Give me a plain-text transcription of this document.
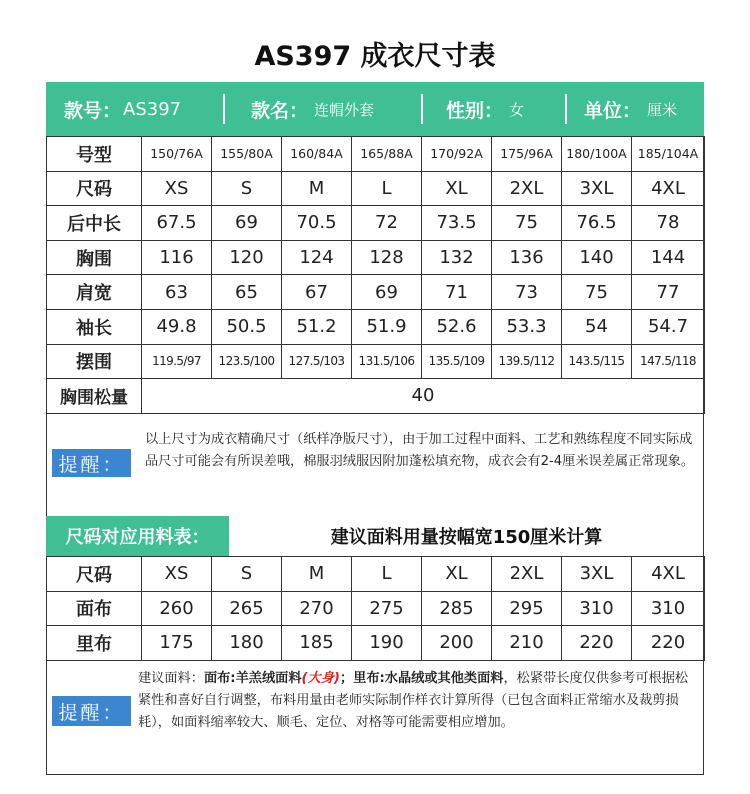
AS397 成衣尺寸表
款号： AS397	款名： 连帽外套	性别： 女	单位： 厘米
号型	150/76A	155/80A	160/84A	165/88A	170/92A	175/96A	180/100A	185/104A
尺码	XS	S	M	L	XL	2XL	3XL	4XL
后中长	67.5	69	70.5	72	73.5	75	76.5	78
胸围	116	120	124	128	132	136	140	144
肩宽	63	65	67	69	71	73	75	77
袖长	49.8	50.5	51.2	51.9	52.6	53.3	54	54.7
摆围	119.5/97	123.5/100	127.5/103	131.5/106	135.5/109	139.5/112	143.5/115	147.5/118
胸围松量	40							
提醒：
以上尺寸为成衣精确尺寸（纸样净版尺寸），由于加工过程中面料、工艺和熟练程度不同实际成品尺寸可能会有所误差哦，棉服羽绒服因附加蓬松填充物，成衣会有2-4厘米误差属正常现象。
尺码对应用料表：	建议面料用量按幅宽150厘米计算
尺码	XS	S	M	L	XL	2XL	3XL	4XL
面布	260	265	270	275	285	295	310	310
里布	175	180	185	190	200	210	220	220
提醒：
建议面料：面布:羊羔绒面料(大身)；里布:水晶绒或其他类面料，松紧带长度仅供参考可根据松紧性和喜好自行调整，布料用量由老师实际制作样衣计算所得（已包含面料正常缩水及裁剪损耗），如面料缩率较大、顺毛、定位、对格等可能需要相应增加。
